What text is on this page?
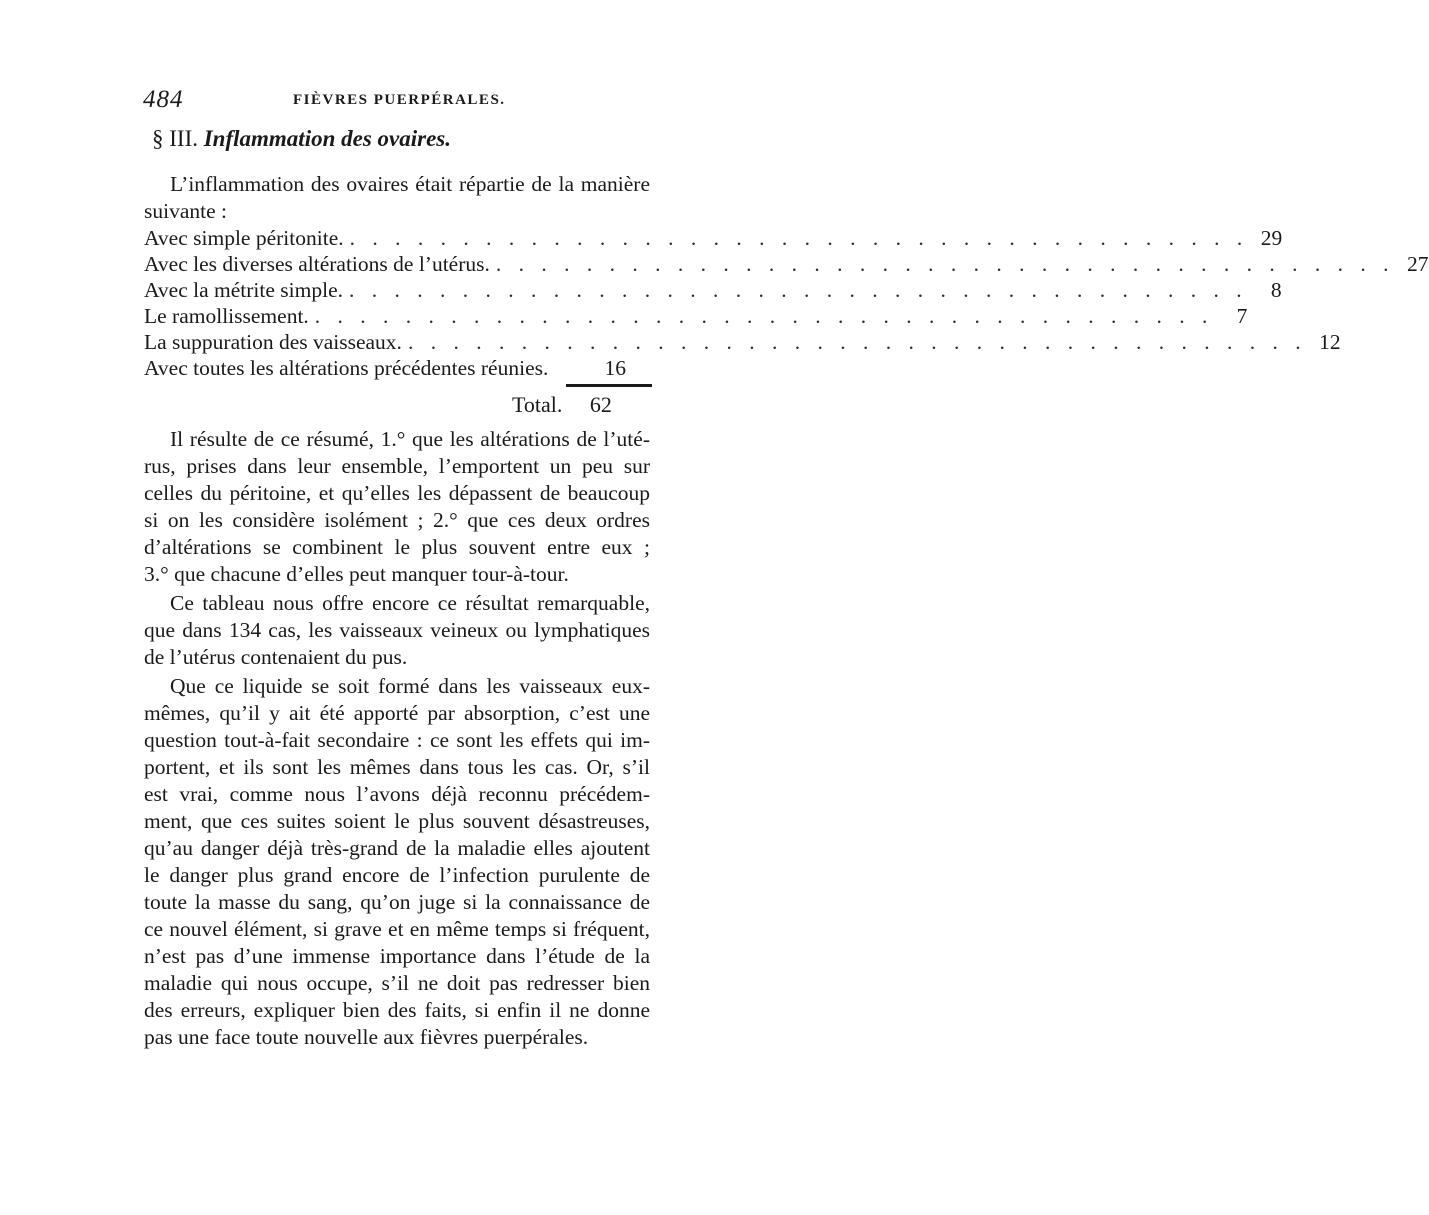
484	FIÈVRES PUERPÉRALES.
§ III. Inflammation des ovaires.
L’inflammation des ovaires était répartie de la manière
suivante :
Avec simple péritonite. . . . . . . . . . . . . . . . . . . . . . . . . . . . . . . . . . . . . . . . . 29
Avec les diverses altérations de l’utérus. . . . . . . . . . . . . . . . . . . . . . . . . . . . . . . . . . . . . . . . . 27
Avec la métrite simple. . . . . . . . . . . . . . . . . . . . . . . . . . . . . . . . . . . . . . . . .	8
Le ramollissement. . . . . . . . . . . . . . . . . . . . . . . . . . . . . . . . . . . . . . . . .	7
La suppuration des vaisseaux. . . . . . . . . . . . . . . . . . . . . . . . . . . . . . . . . . . . . . . . . 12
Avec toutes les altérations précédentes réunies.	16
Total. 62
Il résulte de ce résumé, 1.° que les altérations de l’uté-
rus, prises dans leur ensemble, l’emportent un peu sur
celles du péritoine, et qu’elles les dépassent de beaucoup
si on les considère isolément ; 2.° que ces deux ordres
d’altérations se combinent le plus souvent entre eux ;
3.° que chacune d’elles peut manquer tour-à-tour.
Ce tableau nous offre encore ce résultat remarquable,
que dans 134 cas, les vaisseaux veineux ou lymphatiques
de l’utérus contenaient du pus.
Que ce liquide se soit formé dans les vaisseaux eux-
mêmes, qu’il y ait été apporté par absorption, c’est une
question tout-à-fait secondaire : ce sont les effets qui im-
portent, et ils sont les mêmes dans tous les cas. Or, s’il
est vrai, comme nous l’avons déjà reconnu précédem-
ment, que ces suites soient le plus souvent désastreuses,
qu’au danger déjà très-grand de la maladie elles ajoutent
le danger plus grand encore de l’infection purulente de
toute la masse du sang, qu’on juge si la connaissance de
ce nouvel élément, si grave et en même temps si fréquent,
n’est pas d’une immense importance dans l’étude de la
maladie qui nous occupe, s’il ne doit pas redresser bien
des erreurs, expliquer bien des faits, si enfin il ne donne
pas une face toute nouvelle aux fièvres puerpérales.
